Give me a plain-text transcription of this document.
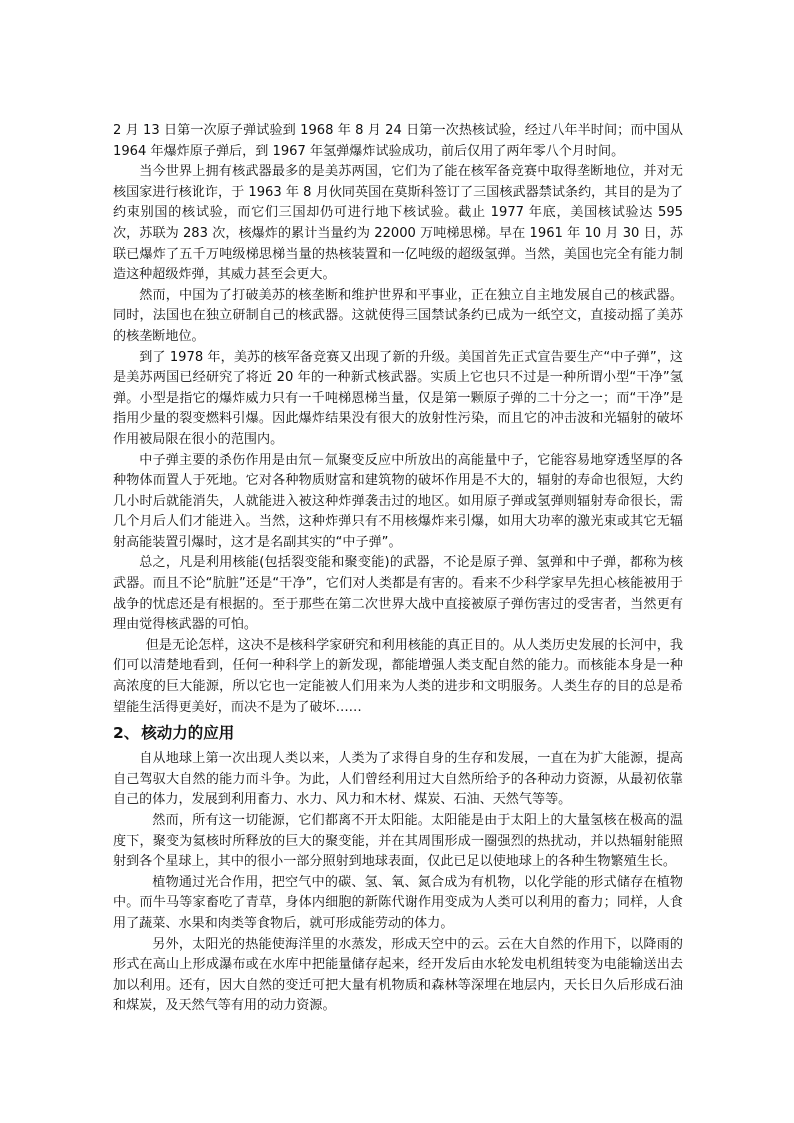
2 月 13 日第一次原子弹试验到 1968 年 8 月 24 日第一次热核试验，经过八年半时间；而中国从 1964 年爆炸原子弹后，到 1967 年氢弹爆炸试验成功，前后仅用了两年零八个月时间。

当今世界上拥有核武器最多的是美苏两国，它们为了能在核军备竞赛中取得垄断地位，并对无核国家进行核讹诈，于 1963 年 8 月伙同英国在莫斯科签订了三国核武器禁试条约，其目的是为了约束别国的核试验，而它们三国却仍可进行地下核试验。截止 1977 年底，美国核试验达 595 次，苏联为 283 次，核爆炸的累计当量约为 22000 万吨梯思梯。早在 1961 年 10 月 30 日，苏联已爆炸了五千万吨级梯思梯当量的热核装置和一亿吨级的超级氢弹。当然，美国也完全有能力制造这种超级炸弹，其威力甚至会更大。

然而，中国为了打破美苏的核垄断和维护世界和平事业，正在独立自主地发展自己的核武器。同时，法国也在独立研制自己的核武器。这就使得三国禁试条约已成为一纸空文，直接动摇了美苏的核垄断地位。

到了 1978 年，美苏的核军备竞赛又出现了新的升级。美国首先正式宣告要生产“中子弹”，这是美苏两国已经研究了将近 20 年的一种新式核武器。实质上它也只不过是一种所谓小型“干净”氢弹。小型是指它的爆炸威力只有一千吨梯恩梯当量，仅是第一颗原子弹的二十分之一；而“干净”是指用少量的裂变燃料引爆。因此爆炸结果没有很大的放射性污染，而且它的冲击波和光辐射的破坏作用被局限在很小的范围内。

中子弹主要的杀伤作用是由氘－氚聚变反应中所放出的高能量中子，它能容易地穿透坚厚的各种物体而置人于死地。它对各种物质财富和建筑物的破坏作用是不大的，辐射的寿命也很短，大约几小时后就能消失，人就能进入被这种炸弹袭击过的地区。如用原子弹或氢弹则辐射寿命很长，需几个月后人们才能进入。当然，这种炸弹只有不用核爆炸来引爆，如用大功率的激光束或其它无辐射高能装置引爆时，这才是名副其实的“中子弹”。

总之，凡是利用核能(包括裂变能和聚变能)的武器，不论是原子弹、氢弹和中子弹，都称为核武器。而且不论“肮脏”还是“干净”，它们对人类都是有害的。看来不少科学家早先担心核能被用于战争的忧虑还是有根据的。至于那些在第二次世界大战中直接被原子弹伤害过的受害者，当然更有理由觉得核武器的可怕。

但是无论怎样，这决不是核科学家研究和利用核能的真正目的。从人类历史发展的长河中，我们可以清楚地看到，任何一种科学上的新发现，都能增强人类支配自然的能力。而核能本身是一种高浓度的巨大能源，所以它也一定能被人们用来为人类的进步和文明服务。人类生存的目的总是希望能生活得更美好，而决不是为了破坏……

2、 核动力的应用

自从地球上第一次出现人类以来，人类为了求得自身的生存和发展，一直在为扩大能源，提高自己驾驭大自然的能力而斗争。为此，人们曾经利用过大自然所给予的各种动力资源，从最初依靠自己的体力，发展到利用畜力、水力、风力和木材、煤炭、石油、天然气等等。

然而，所有这一切能源，它们都离不开太阳能。太阳能是由于太阳上的大量氢核在极高的温度下，聚变为氦核时所释放的巨大的聚变能，并在其周围形成一圈强烈的热扰动，并以热辐射能照射到各个星球上，其中的很小一部分照射到地球表面，仅此已足以使地球上的各种生物繁殖生长。

植物通过光合作用，把空气中的碳、氢、氧、氮合成为有机物，以化学能的形式储存在植物中。而牛马等家畜吃了青草，身体内细胞的新陈代谢作用变成为人类可以利用的畜力；同样，人食用了蔬菜、水果和肉类等食物后，就可形成能劳动的体力。

另外，太阳光的热能使海洋里的水蒸发，形成天空中的云。云在大自然的作用下，以降雨的形式在高山上形成瀑布或在水库中把能量储存起来，经开发后由水轮发电机组转变为电能输送出去加以利用。还有，因大自然的变迁可把大量有机物质和森林等深埋在地层内，天长日久后形成石油和煤炭，及天然气等有用的动力资源。
